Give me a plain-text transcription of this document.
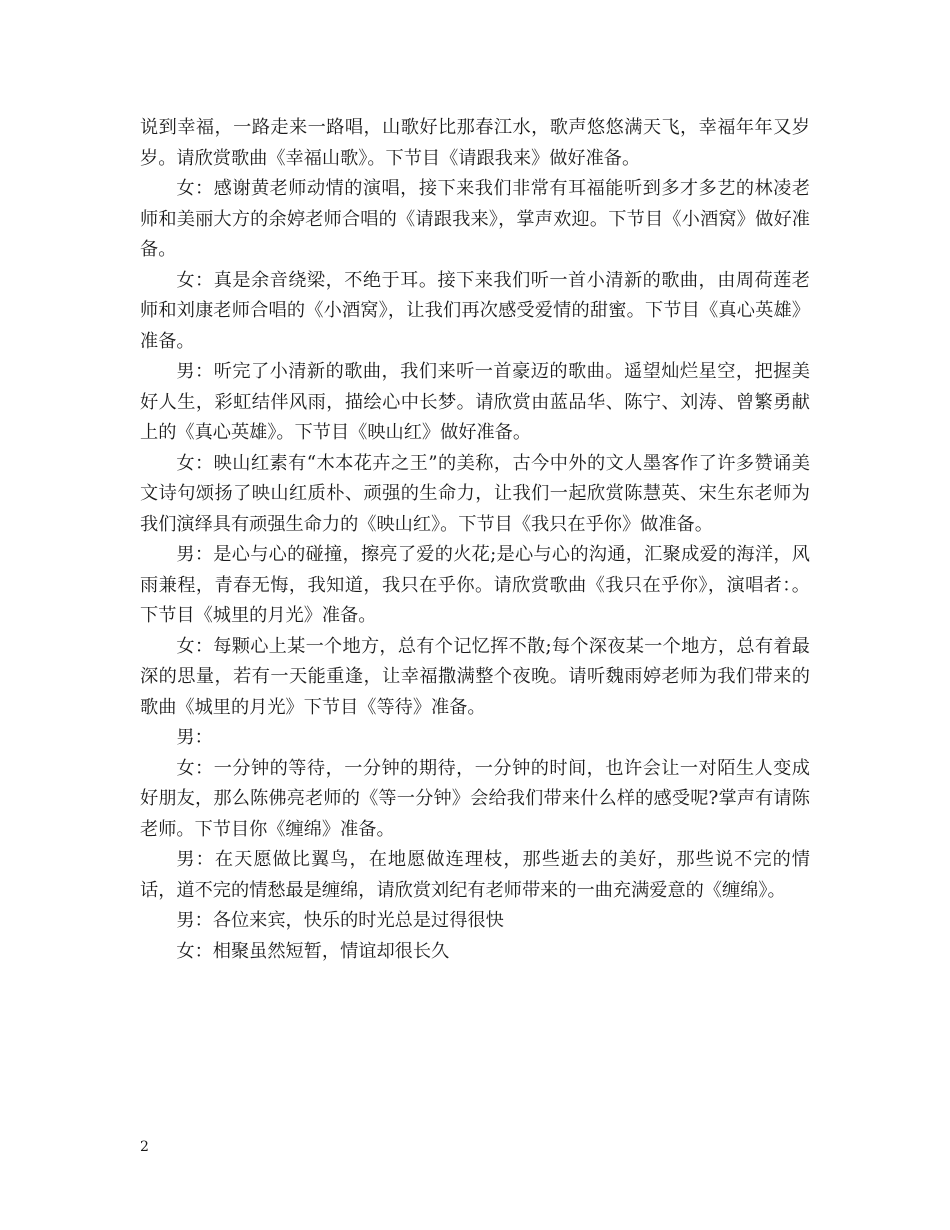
说到幸福，一路走来一路唱，山歌好比那春江水，歌声悠悠满天飞，幸福年年又岁岁。请欣赏歌曲《幸福山歌》。下节目《请跟我来》做好准备。

女：感谢黄老师动情的演唱，接下来我们非常有耳福能听到多才多艺的林凌老师和美丽大方的余婷老师合唱的《请跟我来》，掌声欢迎。下节目《小酒窝》做好准备。

女：真是余音绕梁，不绝于耳。接下来我们听一首小清新的歌曲，由周荷莲老师和刘康老师合唱的《小酒窝》，让我们再次感受爱情的甜蜜。下节目《真心英雄》准备。

男：听完了小清新的歌曲，我们来听一首豪迈的歌曲。遥望灿烂星空，把握美好人生，彩虹结伴风雨，描绘心中长梦。请欣赏由蓝品华、陈宁、刘涛、曾繁勇献上的《真心英雄》。下节目《映山红》做好准备。

女：映山红素有“木本花卉之王”的美称，古今中外的文人墨客作了许多赞诵美文诗句颂扬了映山红质朴、顽强的生命力，让我们一起欣赏陈慧英、宋生东老师为我们演绎具有顽强生命力的《映山红》。下节目《我只在乎你》做准备。

男：是心与心的碰撞，擦亮了爱的火花;是心与心的沟通，汇聚成爱的海洋，风雨兼程，青春无悔，我知道，我只在乎你。请欣赏歌曲《我只在乎你》，演唱者：。下节目《城里的月光》准备。

女：每颗心上某一个地方，总有个记忆挥不散;每个深夜某一个地方，总有着最深的思量，若有一天能重逢，让幸福撒满整个夜晚。请听魏雨婷老师为我们带来的歌曲《城里的月光》下节目《等待》准备。

男：

女：一分钟的等待，一分钟的期待，一分钟的时间，也许会让一对陌生人变成好朋友，那么陈佛亮老师的《等一分钟》会给我们带来什么样的感受呢?掌声有请陈老师。下节目你《缠绵》准备。

男：在天愿做比翼鸟，在地愿做连理枝，那些逝去的美好，那些说不完的情话，道不完的情愁最是缠绵，请欣赏刘纪有老师带来的一曲充满爱意的《缠绵》。

男：各位来宾，快乐的时光总是过得很快

女：相聚虽然短暂，情谊却很长久

2
